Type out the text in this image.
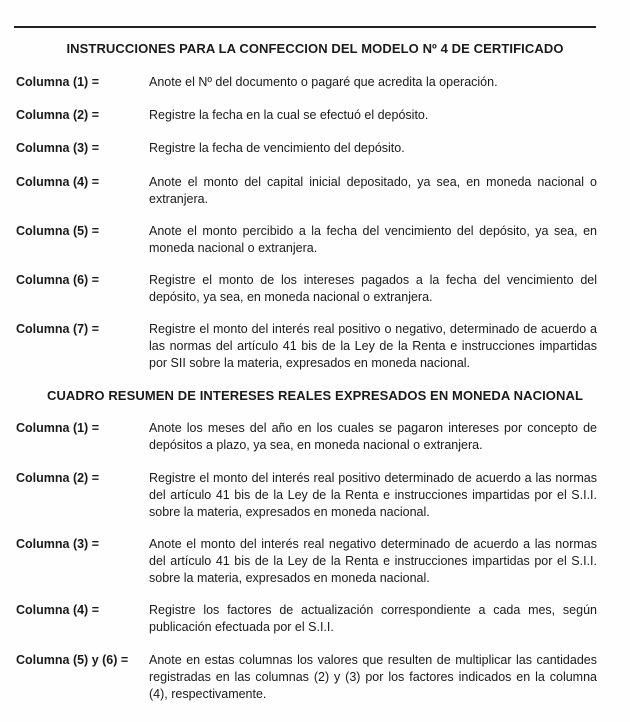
INSTRUCCIONES PARA LA CONFECCION DEL MODELO Nº 4 DE CERTIFICADO
Columna (1) =	Anote el Nº del documento o pagaré que acredita la operación.
Columna (2) =	Registre la fecha en la cual se efectuó el depósito.
Columna (3) =	Registre la fecha de vencimiento del depósito.
Columna (4) =	Anote el monto del capital inicial depositado, ya sea, en moneda nacional o extranjera.
Columna (5) =	Anote el monto percibido a la fecha del vencimiento del depósito, ya sea, en moneda nacional o extranjera.
Columna (6) =	Registre el monto de los intereses pagados a la fecha del vencimiento del depósito, ya sea, en moneda nacional o extranjera.
Columna (7) =	Registre el monto del interés real positivo o negativo, determinado de acuerdo a las normas del artículo 41 bis de la Ley de la Renta e instrucciones impartidas por SII sobre la materia, expresados en moneda nacional.
CUADRO RESUMEN DE INTERESES REALES EXPRESADOS EN MONEDA NACIONAL
Columna (1) =	Anote los meses del año en los cuales se pagaron intereses por concepto de depósitos a plazo, ya sea, en moneda nacional o extranjera.
Columna (2) =	Registre el monto del interés real positivo determinado de acuerdo a las normas del artículo 41 bis de la Ley de la Renta e instrucciones impartidas por el S.I.I. sobre la materia, expresados en moneda nacional.
Columna (3) =	Anote el monto del interés real negativo determinado de acuerdo a las normas del artículo 41 bis de la Ley de la Renta e instrucciones impartidas por el S.I.I. sobre la materia, expresados en moneda nacional.
Columna (4) =	Registre los factores de actualización correspondiente a cada mes, según publicación efectuada por el S.I.I.
Columna (5) y (6) =	Anote en estas columnas los valores que resulten de multiplicar las cantidades registradas en las columnas (2) y (3) por los factores indicados en la columna (4), respectivamente.
